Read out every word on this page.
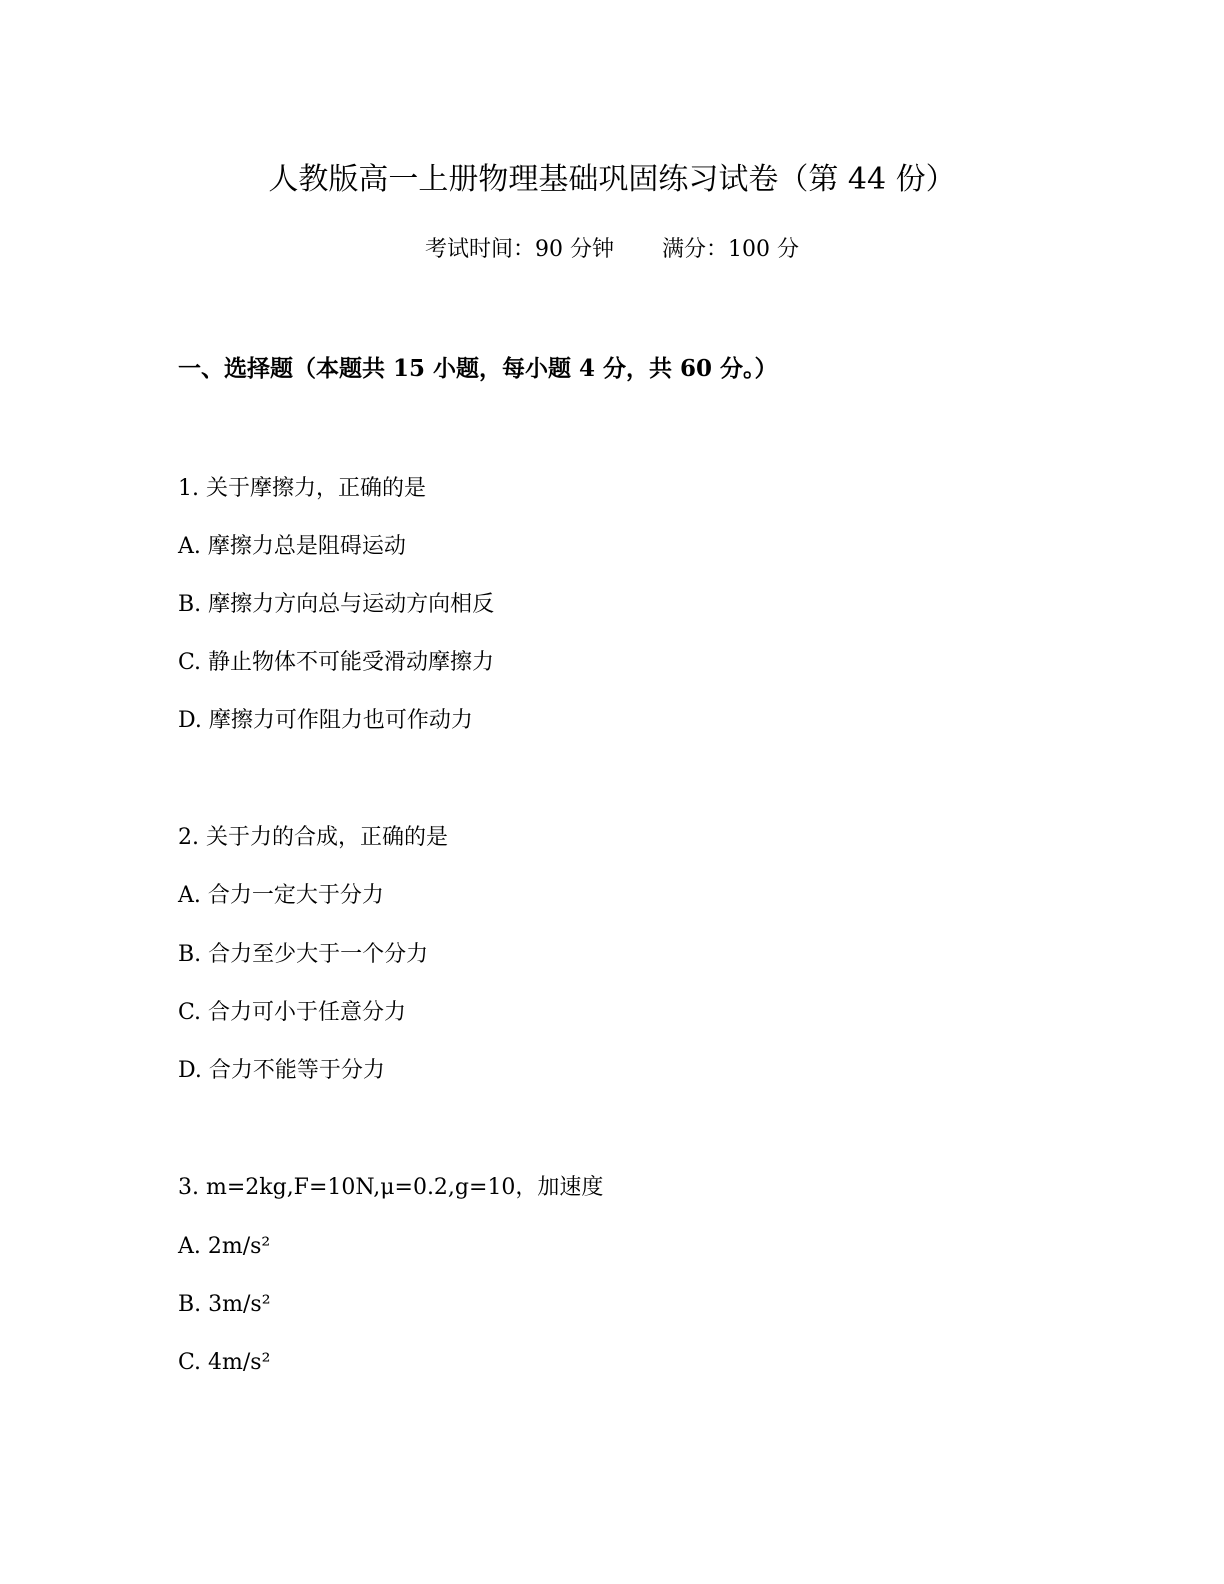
人教版高一上册物理基础巩固练习试卷（第 44 份）
考试时间：90 分钟 满分：100 分
一、选择题（本题共 15 小题，每小题 4 分，共 60 分。）
1. 关于摩擦力，正确的是
A. 摩擦力总是阻碍运动
B. 摩擦力方向总与运动方向相反
C. 静止物体不可能受滑动摩擦力
D. 摩擦力可作阻力也可作动力
2. 关于力的合成，正确的是
A. 合力一定大于分力
B. 合力至少大于一个分力
C. 合力可小于任意分力
D. 合力不能等于分力
3. m=2kg,F=10N,μ=0.2,g=10，加速度
A. 2m/s²
B. 3m/s²
C. 4m/s²
